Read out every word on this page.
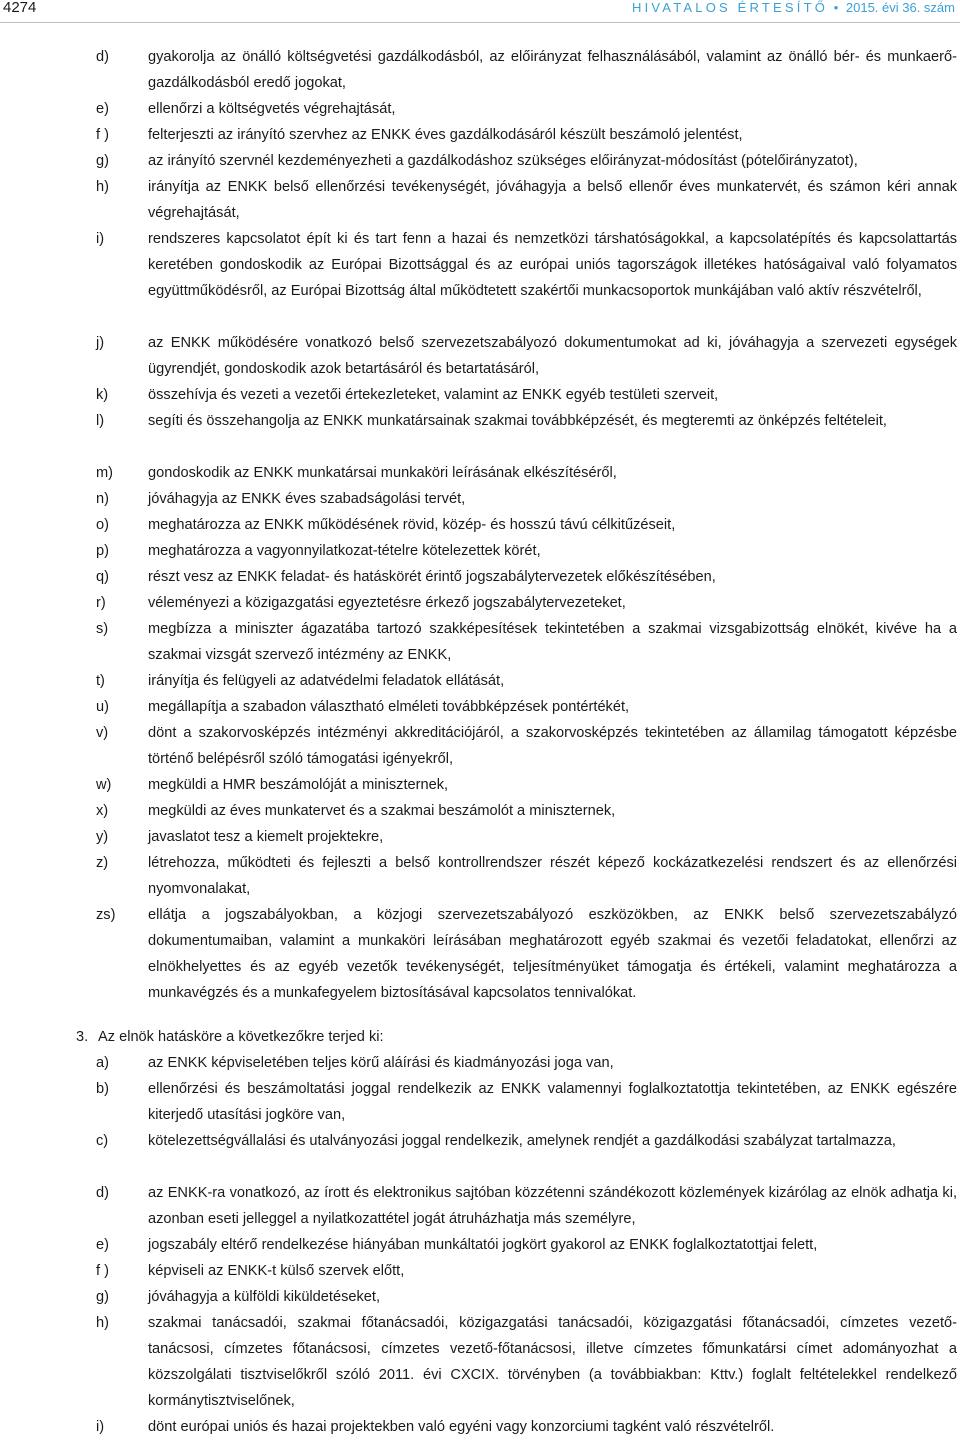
4274	HIVATALOS ÉRTESÍTŐ • 2015. évi 36. szám
d)	gyakorolja az önálló költségvetési gazdálkodásból, az előirányzat felhasználásából, valamint az önálló bér- és munkaerő-gazdálkodásból eredő jogokat,
e)	ellenőrzi a költségvetés végrehajtását,
f )	felterjeszti az irányító szervhez az ENKK éves gazdálkodásáról készült beszámoló jelentést,
g)	az irányító szervnél kezdeményezheti a gazdálkodáshoz szükséges előirányzat-módosítást (pótelőirányzatot),
h)	irányítja az ENKK belső ellenőrzési tevékenységét, jóváhagyja a belső ellenőr éves munkatervét, és számon kéri annak végrehajtását,
i)	rendszeres kapcsolatot épít ki és tart fenn a hazai és nemzetközi társhatóságokkal, a kapcsolatépítés és kapcsolattartás keretében gondoskodik az Európai Bizottsággal és az európai uniós tagországok illetékes hatóságaival való folyamatos együttműködésről, az Európai Bizottság által működtetett szakértői munkacsoportok munkájában való aktív részvételről,
j)	az ENKK működésére vonatkozó belső szervezetszabályozó dokumentumokat ad ki, jóváhagyja a szervezeti egységek ügyrendjét, gondoskodik azok betartásáról és betartatásáról,
k)	összehívja és vezeti a vezetői értekezleteket, valamint az ENKK egyéb testületi szerveit,
l)	segíti és összehangolja az ENKK munkatársainak szakmai továbbképzését, és megteremti az önképzés feltételeit,
m) gondoskodik az ENKK munkatársai munkaköri leírásának elkészítéséről,
n)	jóváhagyja az ENKK éves szabadságolási tervét,
o)	meghatározza az ENKK működésének rövid, közép- és hosszú távú célkitűzéseit,
p)	meghatározza a vagyonnyilatkozat-tételre kötelezettek körét,
q)	részt vesz az ENKK feladat- és hatáskörét érintő jogszabálytervezetek előkészítésében,
r)	véleményezi a közigazgatási egyeztetésre érkező jogszabálytervezeteket,
s)	megbízza a miniszter ágazatába tartozó szakképesítések tekintetében a szakmai vizsgabizottság elnökét, kivéve ha a szakmai vizsgát szervező intézmény az ENKK,
t)	irányítja és felügyeli az adatvédelmi feladatok ellátását,
u)	megállapítja a szabadon választható elméleti továbbképzések pontértékét,
v)	dönt a szakorvosképzés intézményi akkreditációjáról, a szakorvosképzés tekintetében az államilag támogatott képzésbe történő belépésről szóló támogatási igényekről,
w)	megküldi a HMR beszámolóját a miniszternek,
x)	megküldi az éves munkatervet és a szakmai beszámolót a miniszternek,
y)	javaslatot tesz a kiemelt projektekre,
z)	létrehozza, működteti és fejleszti a belső kontrollrendszer részét képező kockázatkezelési rendszert és az ellenőrzési nyomvonalakat,
zs) ellátja a jogszabályokban, a közjogi szervezetszabályozó eszközökben, az ENKK belső szervezetszabályzó dokumentumaiban, valamint a munkaköri leírásában meghatározott egyéb szakmai és vezetői feladatokat, ellenőrzi az elnökhelyettes és az egyéb vezetők tevékenységét, teljesítményüket támogatja és értékeli, valamint meghatározza a munkavégzés és a munkafegyelem biztosításával kapcsolatos tennivalókat.
3. Az elnök hatásköre a következőkre terjed ki:
a)	az ENKK képviseletében teljes körű aláírási és kiadmányozási joga van,
b)	ellenőrzési és beszámoltatási joggal rendelkezik az ENKK valamennyi foglalkoztatottja tekintetében, az ENKK egészére kiterjedő utasítási jogköre van,
c)	kötelezettségvállalási és utalványozási joggal rendelkezik, amelynek rendjét a gazdálkodási szabályzat tartalmazza,
d)	az ENKK-ra vonatkozó, az írott és elektronikus sajtóban közzétenni szándékozott közlemények kizárólag az elnök adhatja ki, azonban eseti jelleggel a nyilatkozattétel jogát átruházhatja más személyre,
e)	jogszabály eltérő rendelkezése hiányában munkáltatói jogkört gyakorol az ENKK foglalkoztatottjai felett,
f )	képviseli az ENKK-t külső szervek előtt,
g)	jóváhagyja a külföldi kiküldetéseket,
h)	szakmai tanácsadói, szakmai főtanácsadói, közigazgatási tanácsadói, közigazgatási főtanácsadói, címzetes vezető-tanácsosi, címzetes főtanácsosi, címzetes vezető-főtanácsosi, illetve címzetes főmunkatársi címet adományozhat a közszolgálati tisztviselőkről szóló 2011. évi CXCIX. törvényben (a továbbiakban: Kttv.) foglalt feltételekkel rendelkező kormánytisztviselőnek,
i)	dönt európai uniós és hazai projektekben való egyéni vagy konzorciumi tagként való részvételről.
